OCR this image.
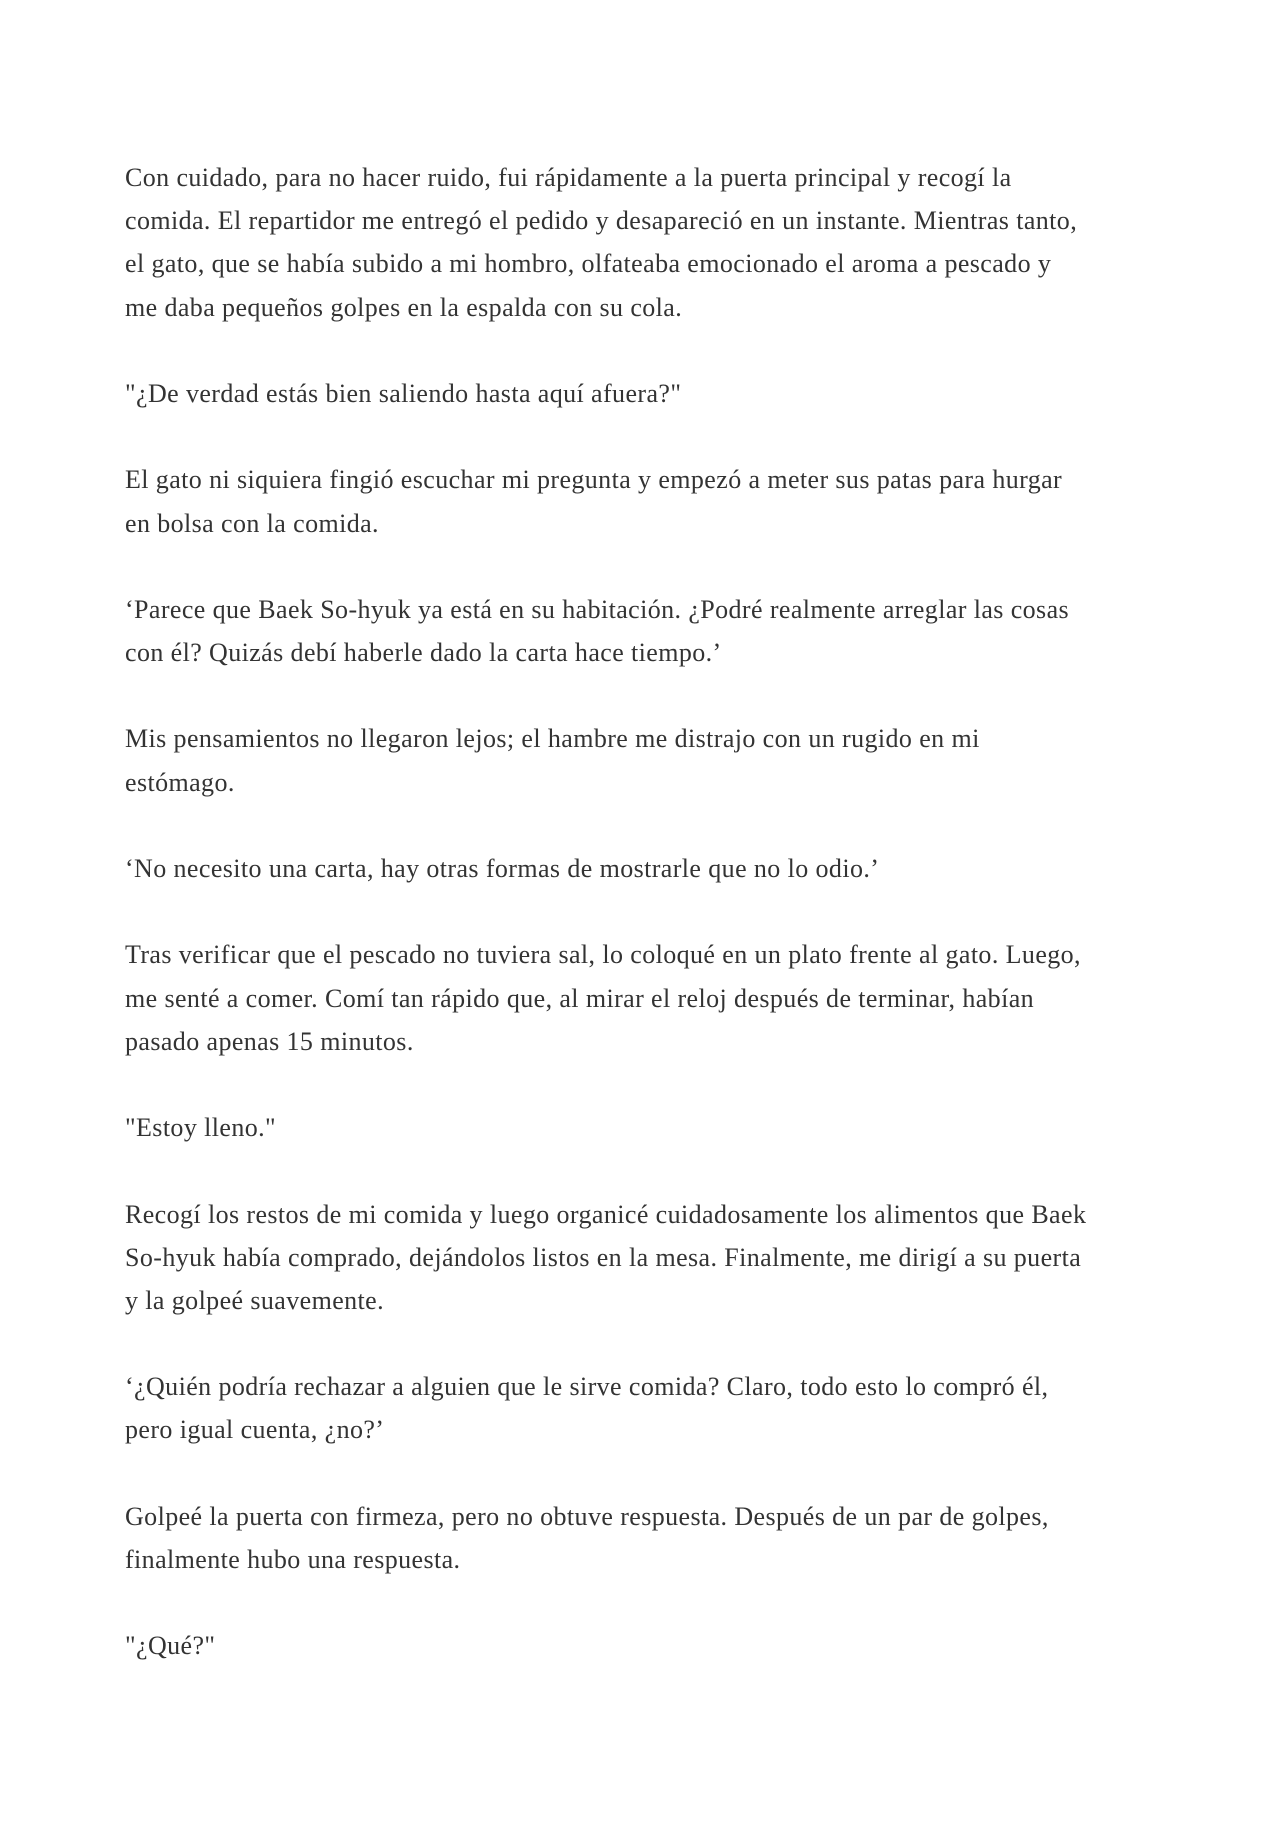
Con cuidado, para no hacer ruido, fui rápidamente a la puerta principal y recogí la
comida. El repartidor me entregó el pedido y desapareció en un instante. Mientras tanto,
el gato, que se había subido a mi hombro, olfateaba emocionado el aroma a pescado y
me daba pequeños golpes en la espalda con su cola.

"¿De verdad estás bien saliendo hasta aquí afuera?"

El gato ni siquiera fingió escuchar mi pregunta y empezó a meter sus patas para hurgar
en bolsa con la comida.

‘Parece que Baek So-hyuk ya está en su habitación. ¿Podré realmente arreglar las cosas
con él? Quizás debí haberle dado la carta hace tiempo.’

Mis pensamientos no llegaron lejos; el hambre me distrajo con un rugido en mi
estómago.

‘No necesito una carta, hay otras formas de mostrarle que no lo odio.’

Tras verificar que el pescado no tuviera sal, lo coloqué en un plato frente al gato. Luego,
me senté a comer. Comí tan rápido que, al mirar el reloj después de terminar, habían
pasado apenas 15 minutos.

"Estoy lleno."

Recogí los restos de mi comida y luego organicé cuidadosamente los alimentos que Baek
So-hyuk había comprado, dejándolos listos en la mesa. Finalmente, me dirigí a su puerta
y la golpeé suavemente.

‘¿Quién podría rechazar a alguien que le sirve comida? Claro, todo esto lo compró él,
pero igual cuenta, ¿no?’

Golpeé la puerta con firmeza, pero no obtuve respuesta. Después de un par de golpes,
finalmente hubo una respuesta.

"¿Qué?"
